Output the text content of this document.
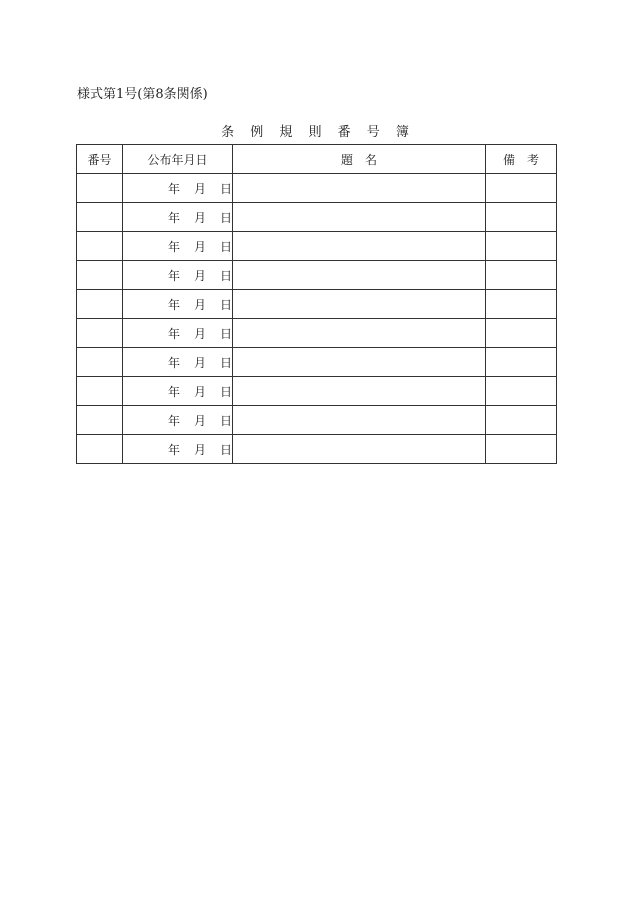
様式第1号(第8条関係)
条 例 規 則 番 号 簿
番号	公布年月日	題　名	備　考
	年 月 日		
	年 月 日		
	年 月 日		
	年 月 日		
	年 月 日		
	年 月 日		
	年 月 日		
	年 月 日		
	年 月 日		
	年 月 日		
